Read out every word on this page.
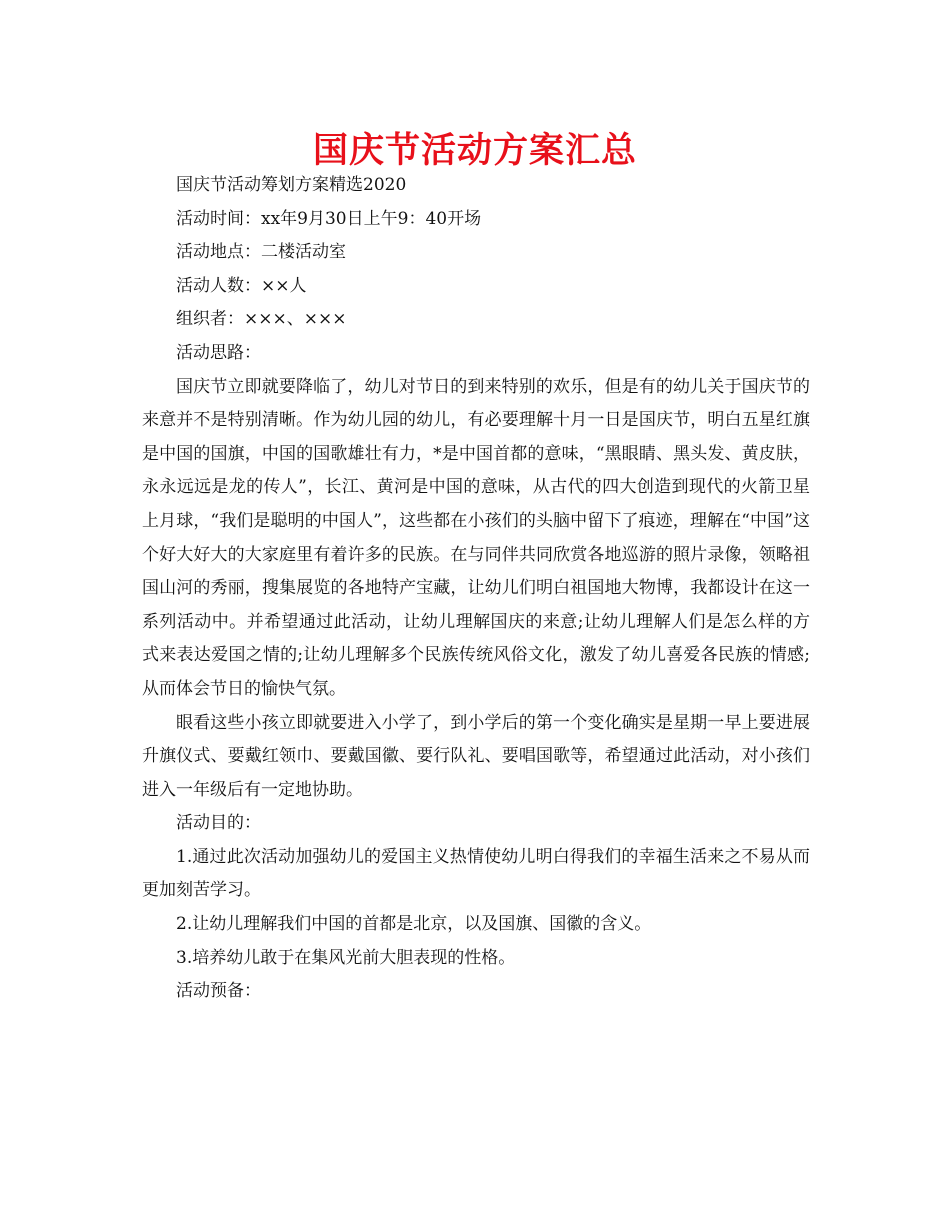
国庆节活动方案汇总

国庆节活动筹划方案精选2020

活动时间：xx年9月30日上午9：40开场

活动地点：二楼活动室

活动人数：××人

组织者：×××、×××

活动思路：

国庆节立即就要降临了，幼儿对节日的到来特别的欢乐，但是有的幼儿关于国庆节的来意并不是特别清晰。作为幼儿园的幼儿，有必要理解十月一日是国庆节，明白五星红旗是中国的国旗，中国的国歌雄壮有力，*是中国首都的意味，“黑眼睛、黑头发、黄皮肤，永永远远是龙的传人”，长江、黄河是中国的意味，从古代的四大创造到现代的火箭卫星上月球，“我们是聪明的中国人”，这些都在小孩们的头脑中留下了痕迹，理解在“中国”这个好大好大的大家庭里有着许多的民族。在与同伴共同欣赏各地巡游的照片录像，领略祖国山河的秀丽，搜集展览的各地特产宝藏，让幼儿们明白祖国地大物博，我都设计在这一系列活动中。并希望通过此活动，让幼儿理解国庆的来意;让幼儿理解人们是怎么样的方式来表达爱国之情的;让幼儿理解多个民族传统风俗文化，激发了幼儿喜爱各民族的情感;从而体会节日的愉快气氛。

眼看这些小孩立即就要进入小学了，到小学后的第一个变化确实是星期一早上要进展升旗仪式、要戴红领巾、要戴国徽、要行队礼、要唱国歌等，希望通过此活动，对小孩们进入一年级后有一定地协助。

活动目的：

1.通过此次活动加强幼儿的爱国主义热情使幼儿明白得我们的幸福生活来之不易从而更加刻苦学习。

2.让幼儿理解我们中国的首都是北京，以及国旗、国徽的含义。

3.培养幼儿敢于在集风光前大胆表现的性格。

活动预备：
